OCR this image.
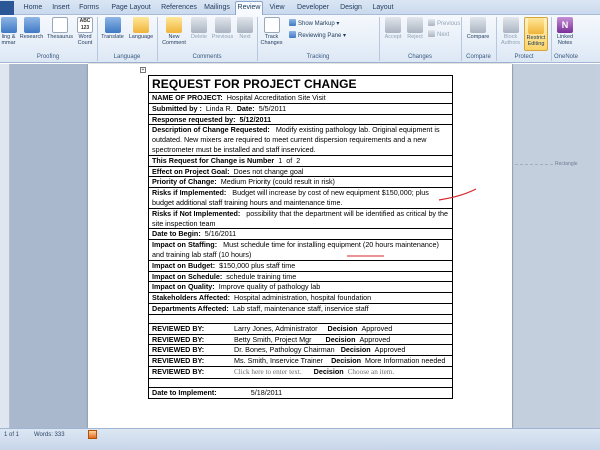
Home	Insert	Forms Page Layout References	Mailings	Review	View	Developer	Design	Layout
ling & mmar
Research Thesaurus
ABC 123
Word Count
Proofing
Translate Language
Language
New Comment
Delete Previous	Next
Comments
Track Changes
Show Markup ▾
Reviewing Pane ▾
Tracking
Accept	Reject
Previous
Next
Changes
Compare
Compare
Block Authors
Restrict Editing
Protect
N
Linked Notes
OneNote
Rectangle
+
REQUEST FOR PROJECT CHANGE
NAME OF PROJECT: Hospital Accreditation Site Visit
Submitted by : Linda R. Date: 5/5/2011
Response requested by: 5/12/2011
Description of Change Requested: Modify existing pathology lab. Original equipment is outdated. New mixers are required to meet current dispersion requirements and a new spectrometer must be installed and staff inserviced.
This Request for Change is Number 1 of 2
Effect on Project Goal: Does not change goal
Priority of Change: Medium Priority (could result in risk)
Risks if Implemented: Budget will increase by cost of new equipment $150,000; plus budget additional staff training hours and maintenance time.
Risks if Not Implemented: possibility that the department will be identified as critical by the site inspection team
Date to Begin: 5/16/2011
Impact on Staffing: Must schedule time for installing equipment (20 hours maintenance) and training lab staff (10 hours)
Impact on Budget: $150,000 plus staff time
Impact on Schedule: schedule training time
Impact on Quality: Improve quality of pathology lab
Stakeholders Affected: Hospital administration, hospital foundation
Departments Affected: Lab staff, maintenance staff, inservice staff
REVIEWED BY:	Larry Jones, Administrator Decision Approved
REVIEWED BY:	Betty Smith, Project Mgr Decision Approved
REVIEWED BY:	Dr. Bones, Pathology Chairman Decision Approved
REVIEWED BY:	Ms. Smith, Inservice Trainer Decision More Information needed
REVIEWED BY:	Click here to enter text. Decision Choose an item.
Date to Implement:	5/18/2011
1 of 1 Words: 333
